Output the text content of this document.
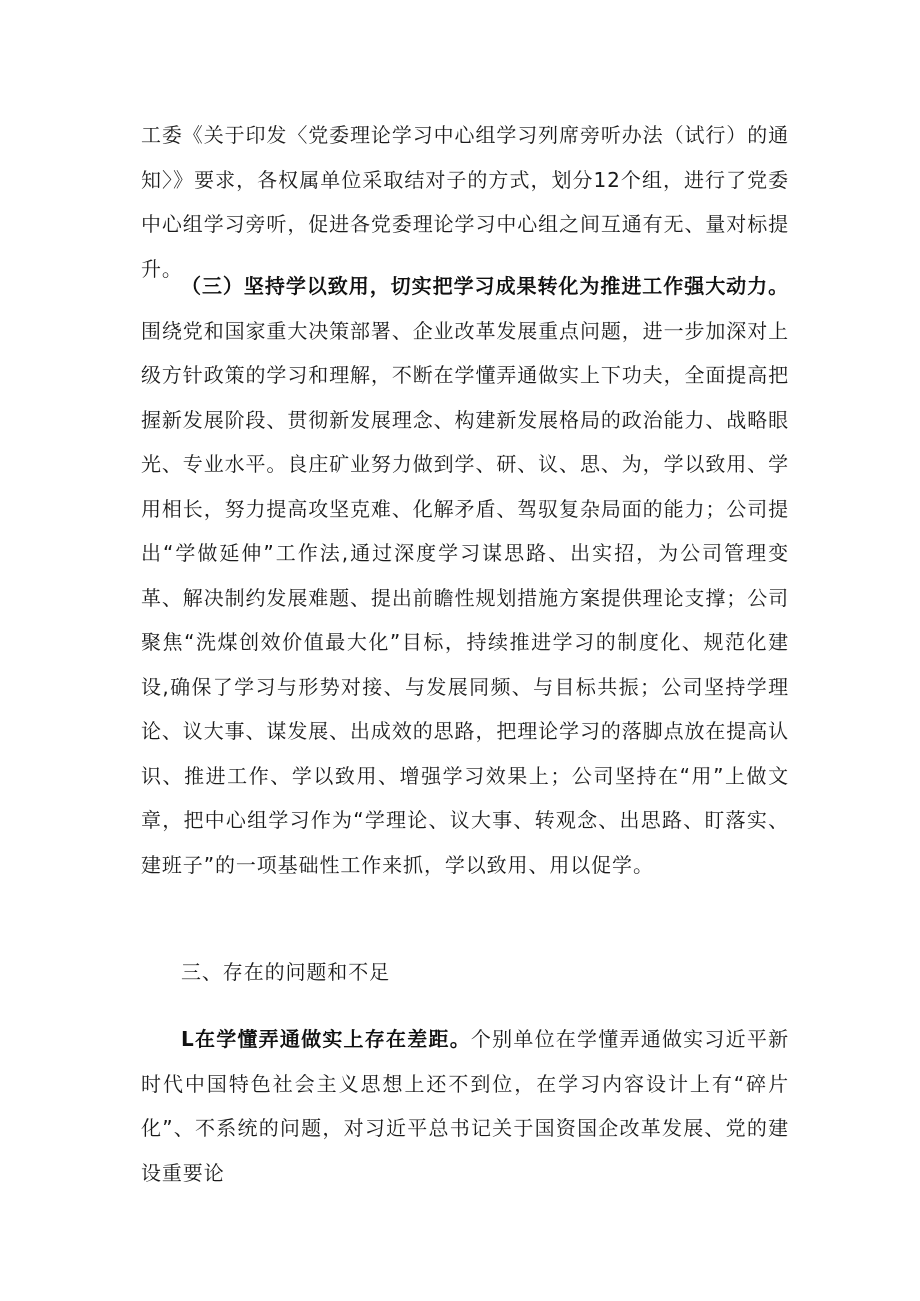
工委《关于印发〈党委理论学习中心组学习列席旁听办法（试行）的通知〉》要求，各权属单位采取结对子的方式，划分12个组，进行了党委中心组学习旁听，促进各党委理论学习中心组之间互通有无、量对标提升。

（三）坚持学以致用，切实把学习成果转化为推进工作强大动力。围绕党和国家重大决策部署、企业改革发展重点问题，进一步加深对上级方针政策的学习和理解，不断在学懂弄通做实上下功夫，全面提高把握新发展阶段、贯彻新发展理念、构建新发展格局的政治能力、战略眼光、专业水平。良庄矿业努力做到学、研、议、思、为，学以致用、学用相长，努力提高攻坚克难、化解矛盾、驾驭复杂局面的能力；公司提出“学做延伸”工作法,通过深度学习谋思路、出实招，为公司管理变革、解决制约发展难题、提出前瞻性规划措施方案提供理论支撑；公司聚焦“洗煤创效价值最大化”目标，持续推进学习的制度化、规范化建设,确保了学习与形势对接、与发展同频、与目标共振；公司坚持学理论、议大事、谋发展、出成效的思路，把理论学习的落脚点放在提高认识、推进工作、学以致用、增强学习效果上；公司坚持在“用”上做文章，把中心组学习作为“学理论、议大事、转观念、出思路、盯落实、建班子”的一项基础性工作来抓，学以致用、用以促学。

三、存在的问题和不足

L在学懂弄通做实上存在差距。个别单位在学懂弄通做实习近平新时代中国特色社会主义思想上还不到位，在学习内容设计上有“碎片化”、不系统的问题，对习近平总书记关于国资国企改革发展、党的建设重要论
